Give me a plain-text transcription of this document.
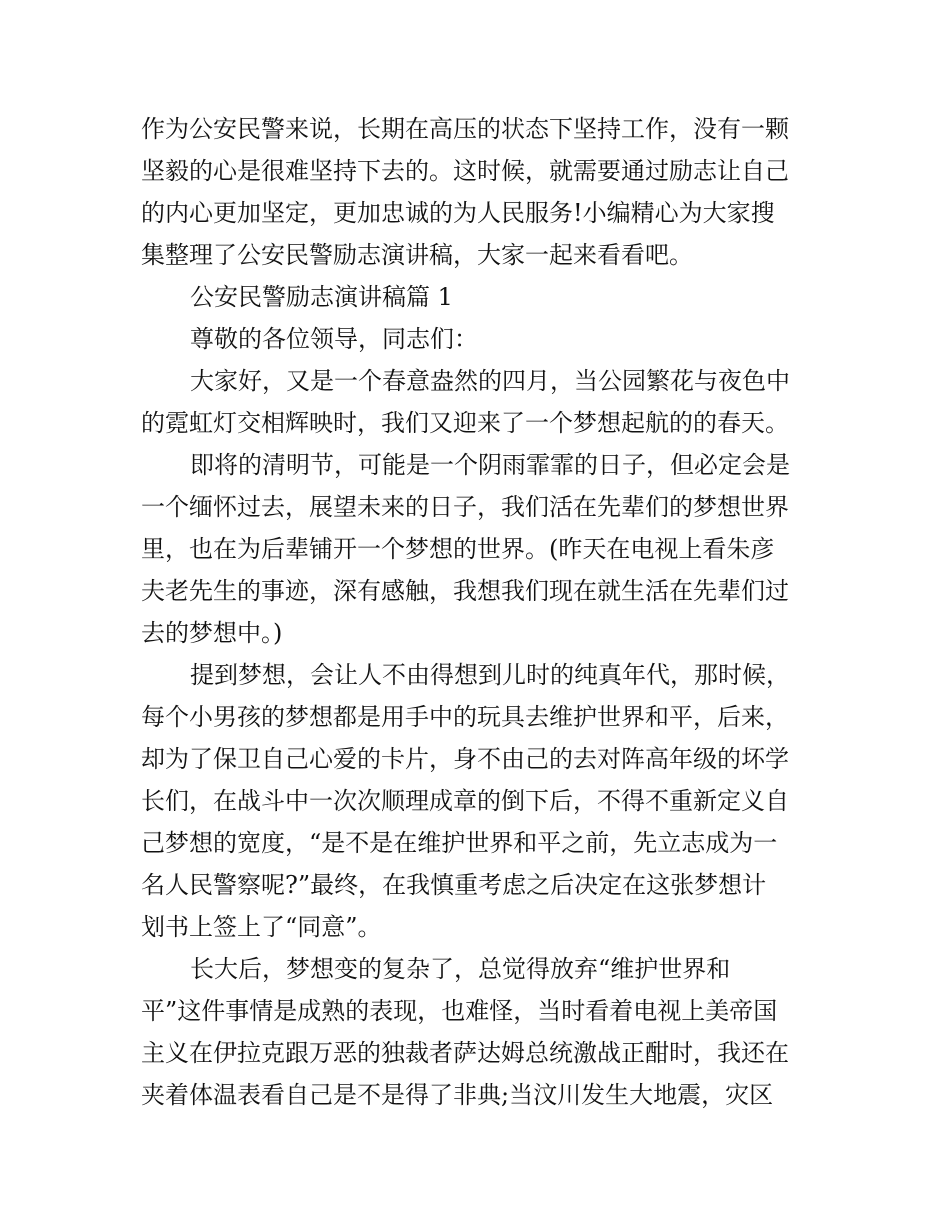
作为公安民警来说，长期在高压的状态下坚持工作，没有一颗
坚毅的心是很难坚持下去的。这时候，就需要通过励志让自己
的内心更加坚定，更加忠诚的为人民服务!小编精心为大家搜
集整理了公安民警励志演讲稿，大家一起来看看吧。
公安民警励志演讲稿篇 1
尊敬的各位领导，同志们：
大家好，又是一个春意盎然的四月，当公园繁花与夜色中
的霓虹灯交相辉映时，我们又迎来了一个梦想起航的的春天。
即将的清明节，可能是一个阴雨霏霏的日子，但必定会是
一个缅怀过去，展望未来的日子，我们活在先辈们的梦想世界
里，也在为后辈铺开一个梦想的世界。(昨天在电视上看朱彦
夫老先生的事迹，深有感触，我想我们现在就生活在先辈们过
去的梦想中。)
提到梦想，会让人不由得想到儿时的纯真年代，那时候，
每个小男孩的梦想都是用手中的玩具去维护世界和平，后来，
却为了保卫自己心爱的卡片，身不由己的去对阵高年级的坏学
长们，在战斗中一次次顺理成章的倒下后，不得不重新定义自
己梦想的宽度，“是不是在维护世界和平之前，先立志成为一
名人民警察呢?”最终，在我慎重考虑之后决定在这张梦想计
划书上签上了“同意”。
长大后，梦想变的复杂了，总觉得放弃“维护世界和
平”这件事情是成熟的表现，也难怪，当时看着电视上美帝国
主义在伊拉克跟万恶的独裁者萨达姆总统激战正酣时，我还在
夹着体温表看自己是不是得了非典;当汶川发生大地震，灾区
